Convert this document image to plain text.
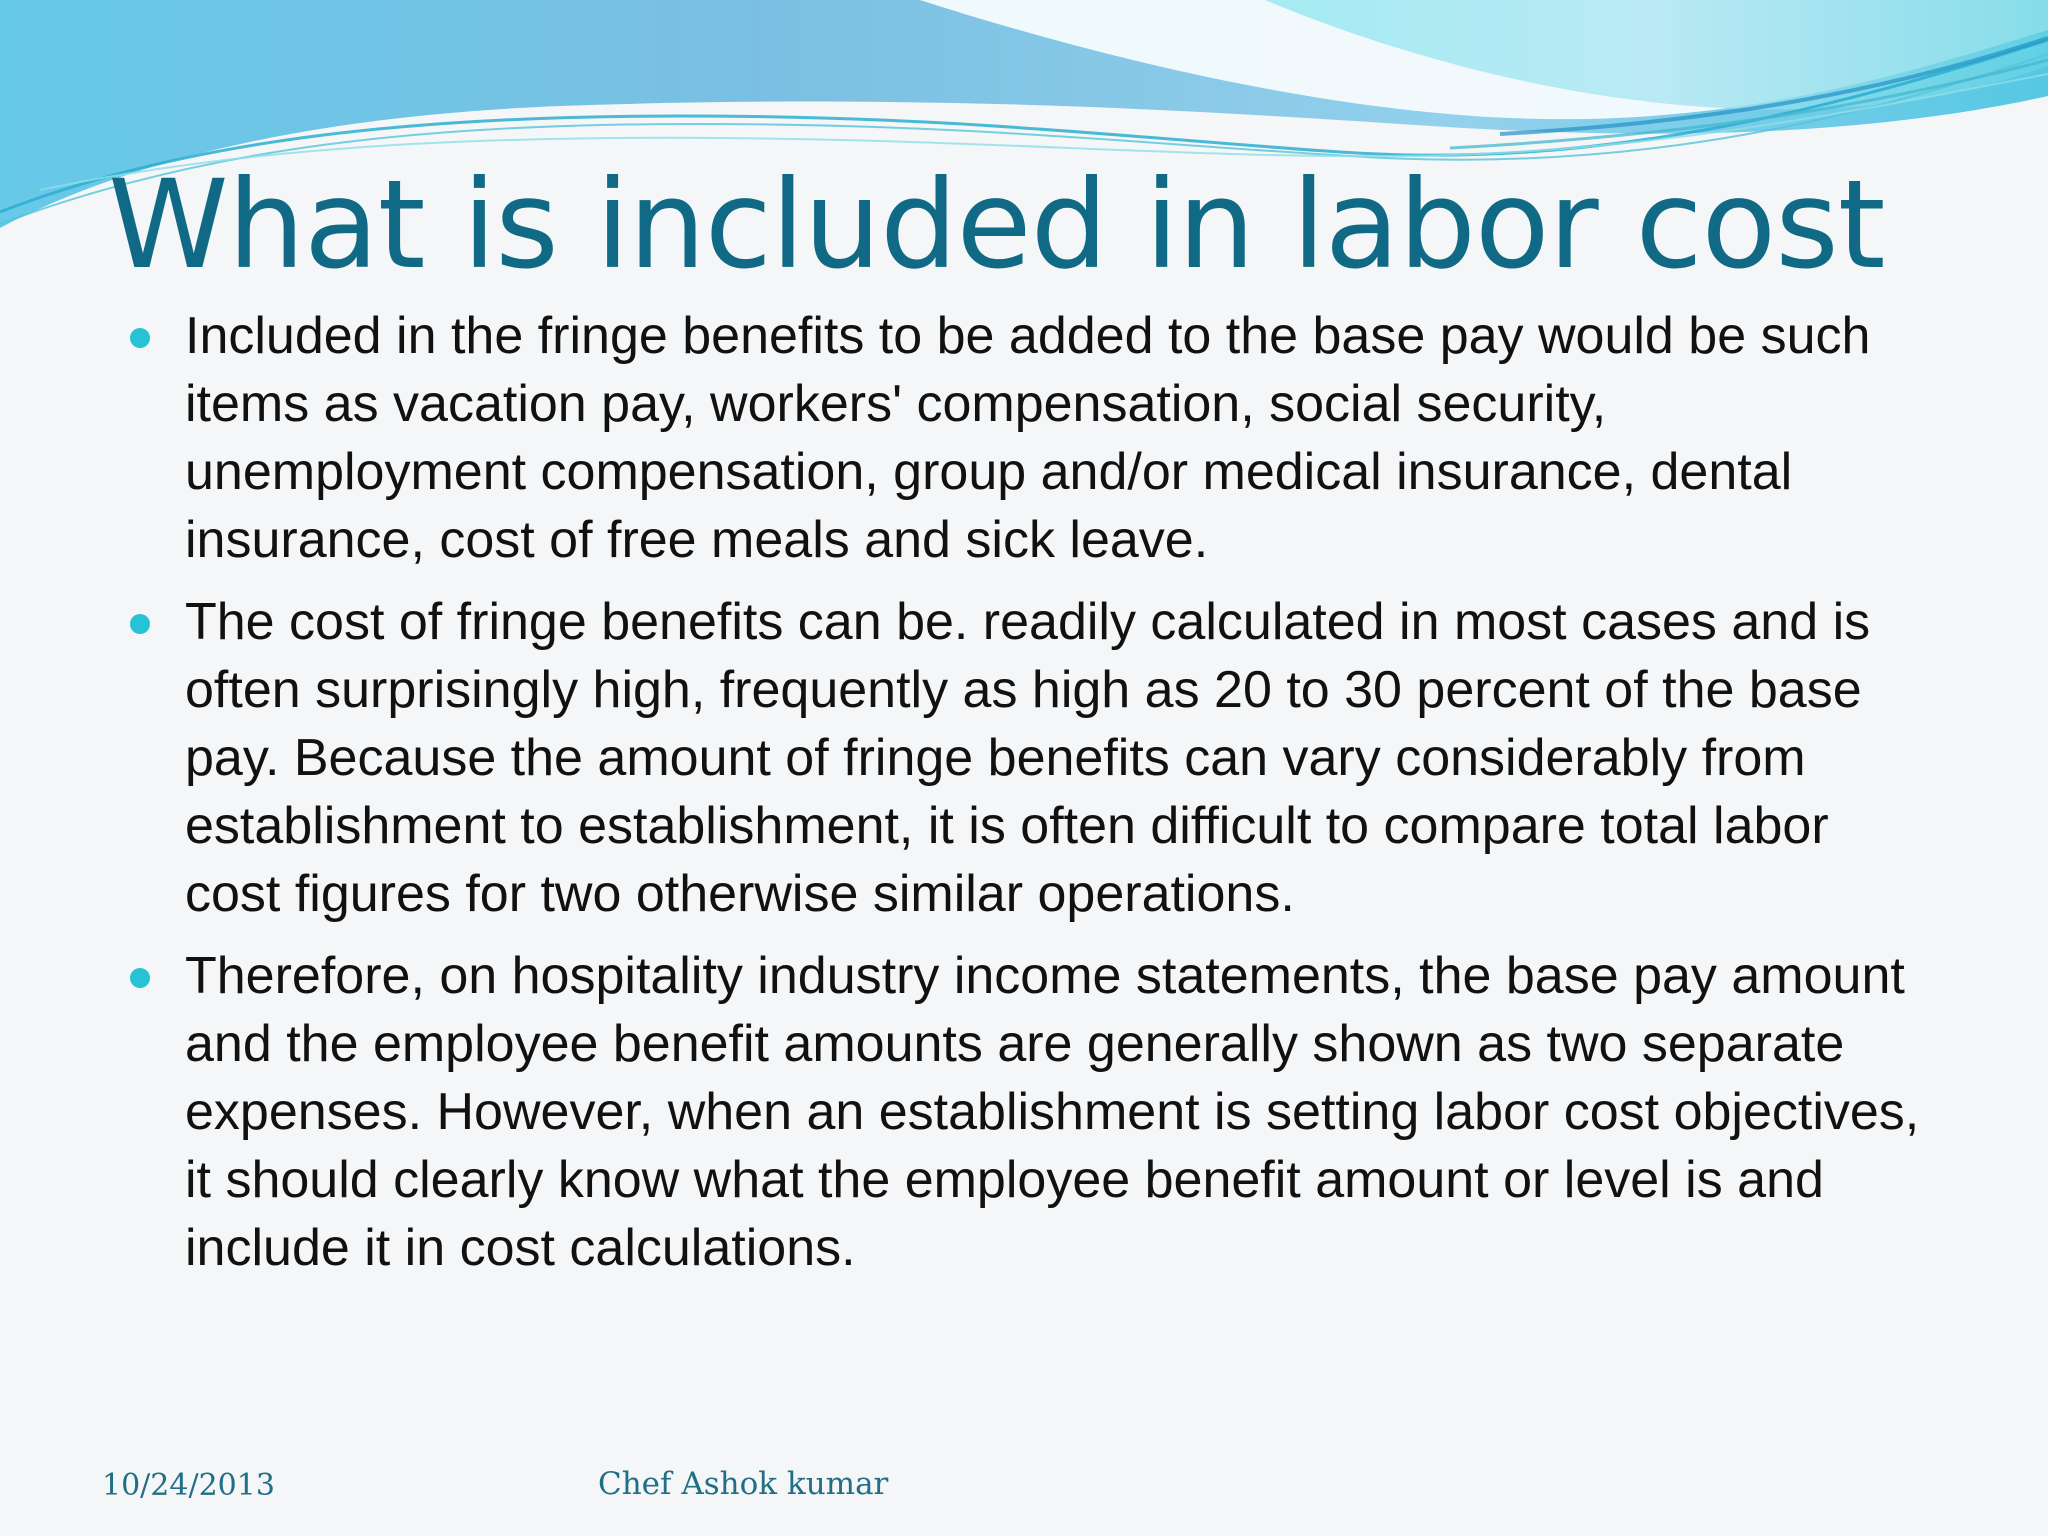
What is included in labor cost
Included in the fringe benefits to be added to the base pay would be such items as vacation pay, workers' compensation, social security, unemployment compensation, group and/or medical insurance, dental insurance, cost of free meals and sick leave.
The cost of fringe benefits can be. readily calculated in most cases and is often surprisingly high, frequently as high as 20 to 30 percent of the base pay. Because the amount of fringe benefits can vary considerably from establishment to establishment, it is often difficult to compare total labor cost figures for two otherwise similar operations.
Therefore, on hospitality industry income statements, the base pay amount and the employee benefit amounts are generally shown as two separate expenses. However, when an establishment is setting labor cost objectives, it should clearly know what the employee benefit amount or level is and include it in cost calculations.
10/24/2013	Chef Ashok kumar
